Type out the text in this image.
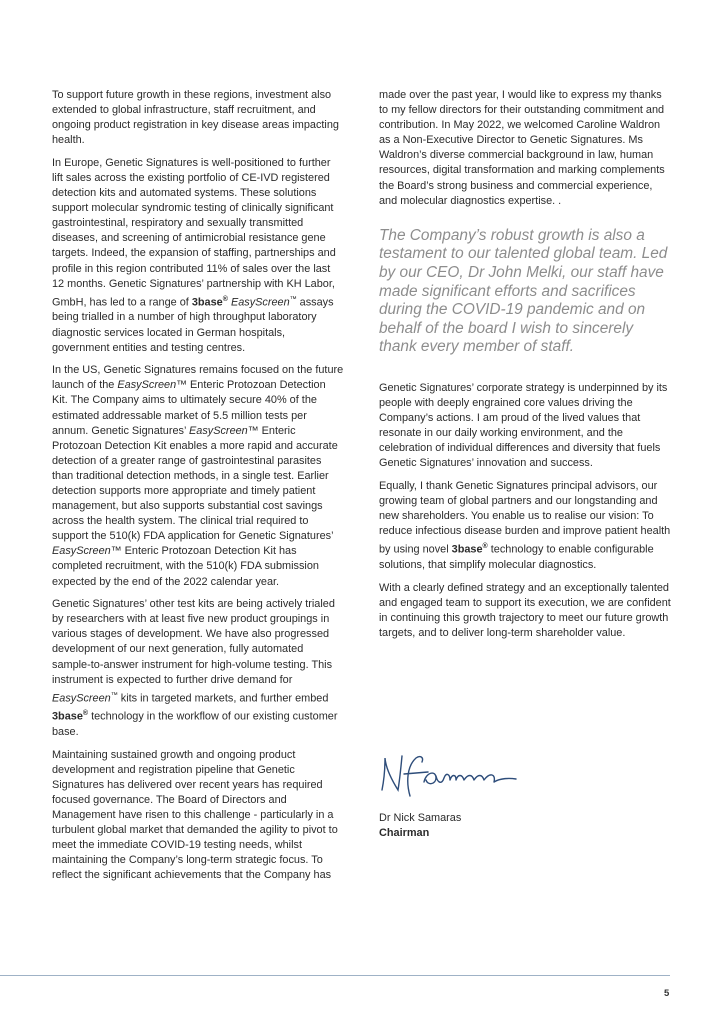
To support future growth in these regions, investment also extended to global infrastructure, staff recruitment, and ongoing product registration in key disease areas impacting health.

In Europe, Genetic Signatures is well-positioned to further lift sales across the existing portfolio of CE-IVD registered detection kits and automated systems. These solutions support molecular syndromic testing of clinically significant gastrointestinal, respiratory and sexually transmitted diseases, and screening of antimicrobial resistance gene targets. Indeed, the expansion of staffing, partnerships and profile in this region contributed 11% of sales over the last 12 months. Genetic Signatures’ partnership with KH Labor, GmbH, has led to a range of 3base® EasyScreen™ assays being trialled in a number of high throughput laboratory diagnostic services located in German hospitals, government entities and testing centres.

In the US, Genetic Signatures remains focused on the future launch of the EasyScreen™ Enteric Protozoan Detection Kit. The Company aims to ultimately secure 40% of the estimated addressable market of 5.5 million tests per annum. Genetic Signatures’ EasyScreen™ Enteric Protozoan Detection Kit enables a more rapid and accurate detection of a greater range of gastrointestinal parasites than traditional detection methods, in a single test. Earlier detection supports more appropriate and timely patient management, but also supports substantial cost savings across the health system. The clinical trial required to support the 510(k) FDA application for Genetic Signatures’ EasyScreen™ Enteric Protozoan Detection Kit has completed recruitment, with the 510(k) FDA submission expected by the end of the 2022 calendar year.

Genetic Signatures’ other test kits are being actively trialed by researchers with at least five new product groupings in various stages of development. We have also progressed development of our next generation, fully automated sample-to-answer instrument for high-volume testing. This instrument is expected to further drive demand for EasyScreen™ kits in targeted markets, and further embed 3base® technology in the workflow of our existing customer base.

Maintaining sustained growth and ongoing product development and registration pipeline that Genetic Signatures has delivered over recent years has required focused governance. The Board of Directors and Management have risen to this challenge - particularly in a turbulent global market that demanded the agility to pivot to meet the immediate COVID-19 testing needs, whilst maintaining the Company’s long-term strategic focus. To reflect the significant achievements that the Company has

made over the past year, I would like to express my thanks to my fellow directors for their outstanding commitment and contribution. In May 2022, we welcomed Caroline Waldron as a Non-Executive Director to Genetic Signatures. Ms Waldron’s diverse commercial background in law, human resources, digital transformation and marking complements the Board’s strong business and commercial experience, and molecular diagnostics expertise. .

The Company’s robust growth is also a testament to our talented global team. Led by our CEO, Dr John Melki, our staff have made significant efforts and sacrifices during the COVID-19 pandemic and on behalf of the board I wish to sincerely thank every member of staff.

Genetic Signatures’ corporate strategy is underpinned by its people with deeply engrained core values driving the Company’s actions. I am proud of the lived values that resonate in our daily working environment, and the celebration of individual differences and diversity that fuels Genetic Signatures’ innovation and success.

Equally, I thank Genetic Signatures principal advisors, our growing team of global partners and our longstanding and new shareholders. You enable us to realise our vision: To reduce infectious disease burden and improve patient health by using novel 3base® technology to enable configurable solutions, that simplify molecular diagnostics.

With a clearly defined strategy and an exceptionally talented and engaged team to support its execution, we are confident in continuing this growth trajectory to meet our future growth targets, and to deliver long-term shareholder value.

Dr Nick Samaras
Chairman
5
